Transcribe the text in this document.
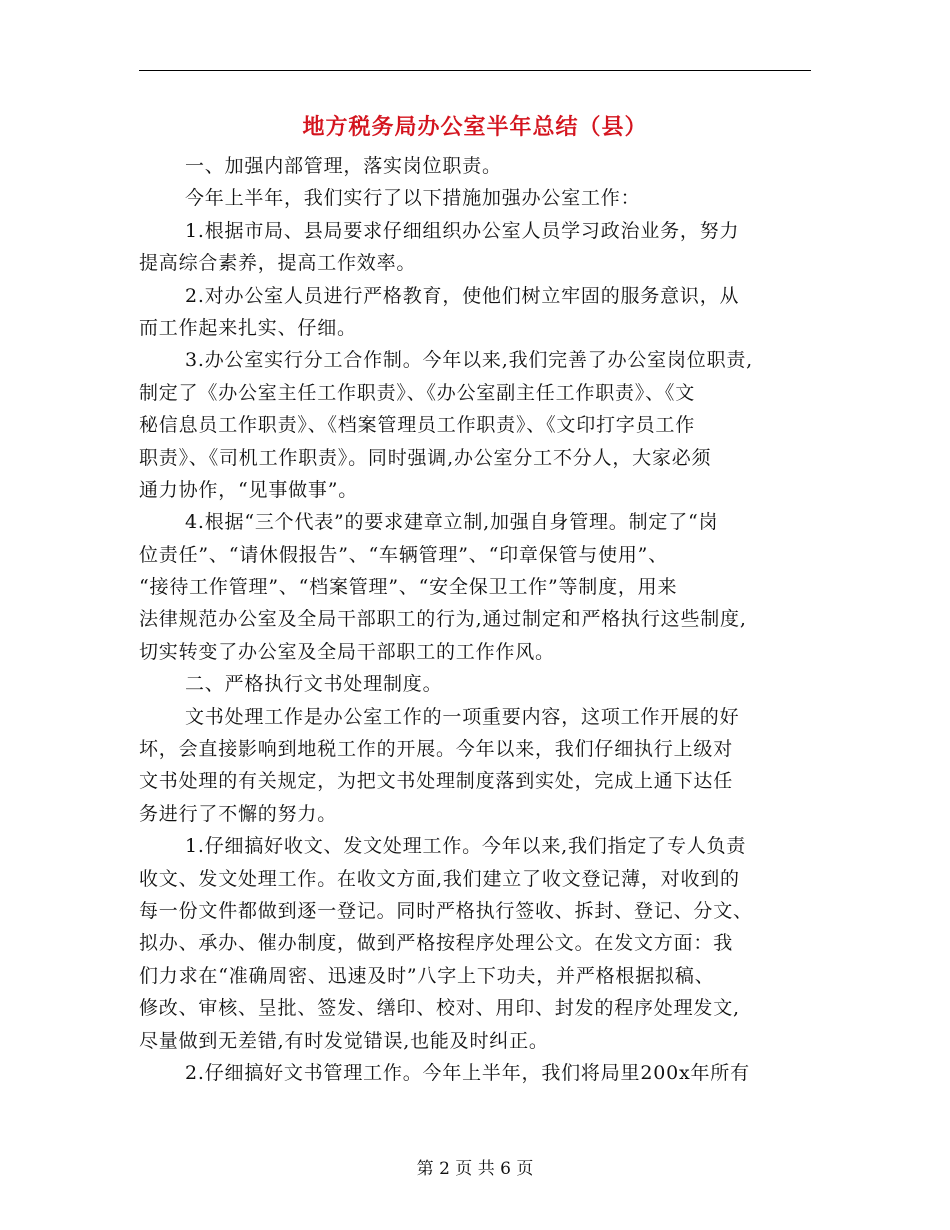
地方税务局办公室半年总结（县）
一、加强内部管理，落实岗位职责。
今年上半年，我们实行了以下措施加强办公室工作：
1.根据市局、县局要求仔细组织办公室人员学习政治业务，努力
提高综合素养，提高工作效率。
2.对办公室人员进行严格教育，使他们树立牢固的服务意识，从
而工作起来扎实、仔细。
3.办公室实行分工合作制。今年以来,我们完善了办公室岗位职责,
制定了《办公室主任工作职责》、《办公室副主任工作职责》、《文
秘信息员工作职责》、《档案管理员工作职责》、《文印打字员工作
职责》、《司机工作职责》。同时强调,办公室分工不分人，大家必须
通力协作，“见事做事”。
4.根据“三个代表”的要求建章立制,加强自身管理。制定了“岗
位责任”、“请休假报告”、“车辆管理”、“印章保管与使用”、
“接待工作管理”、“档案管理”、“安全保卫工作”等制度，用来
法律规范办公室及全局干部职工的行为,通过制定和严格执行这些制度,
切实转变了办公室及全局干部职工的工作作风。
二、严格执行文书处理制度。
文书处理工作是办公室工作的一项重要内容，这项工作开展的好
坏，会直接影响到地税工作的开展。今年以来，我们仔细执行上级对
文书处理的有关规定，为把文书处理制度落到实处，完成上通下达任
务进行了不懈的努力。
1.仔细搞好收文、发文处理工作。今年以来,我们指定了专人负责
收文、发文处理工作。在收文方面,我们建立了收文登记薄，对收到的
每一份文件都做到逐一登记。同时严格执行签收、拆封、登记、分文、
拟办、承办、催办制度，做到严格按程序处理公文。在发文方面：我
们力求在“准确周密、迅速及时”八字上下功夫，并严格根据拟稿、
修改、审核、呈批、签发、缮印、校对、用印、封发的程序处理发文,
尽量做到无差错,有时发觉错误,也能及时纠正。
2.仔细搞好文书管理工作。今年上半年，我们将局里200x年所有
第 2 页 共 6 页
